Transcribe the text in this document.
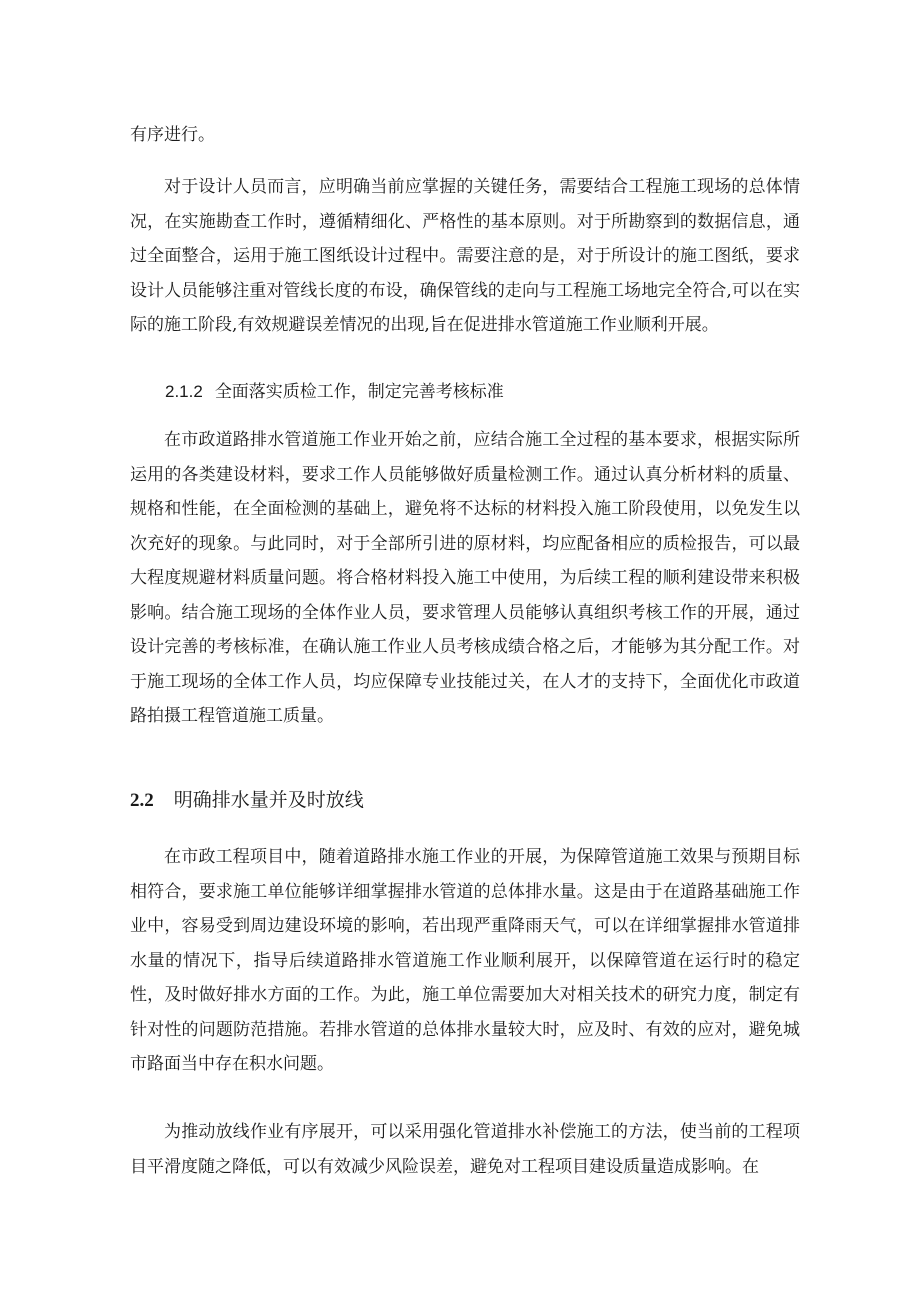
有序进行。

对于设计人员而言，应明确当前应掌握的关键任务，需要结合工程施工现场的总体情况，在实施勘查工作时，遵循精细化、严格性的基本原则。对于所勘察到的数据信息，通过全面整合，运用于施工图纸设计过程中。需要注意的是，对于所设计的施工图纸，要求设计人员能够注重对管线长度的布设，确保管线的走向与工程施工场地完全符合,可以在实际的施工阶段,有效规避误差情况的出现,旨在促进排水管道施工作业顺利开展。

2.1.2 全面落实质检工作，制定完善考核标准

在市政道路排水管道施工作业开始之前，应结合施工全过程的基本要求，根据实际所运用的各类建设材料，要求工作人员能够做好质量检测工作。通过认真分析材料的质量、规格和性能，在全面检测的基础上，避免将不达标的材料投入施工阶段使用，以免发生以次充好的现象。与此同时，对于全部所引进的原材料，均应配备相应的质检报告，可以最大程度规避材料质量问题。将合格材料投入施工中使用，为后续工程的顺利建设带来积极影响。结合施工现场的全体作业人员，要求管理人员能够认真组织考核工作的开展，通过设计完善的考核标准，在确认施工作业人员考核成绩合格之后，才能够为其分配工作。对于施工现场的全体工作人员，均应保障专业技能过关，在人才的支持下，全面优化市政道路拍摄工程管道施工质量。

2.2 明确排水量并及时放线

在市政工程项目中，随着道路排水施工作业的开展，为保障管道施工效果与预期目标相符合，要求施工单位能够详细掌握排水管道的总体排水量。这是由于在道路基础施工作业中，容易受到周边建设环境的影响，若出现严重降雨天气，可以在详细掌握排水管道排水量的情况下，指导后续道路排水管道施工作业顺利展开，以保障管道在运行时的稳定性，及时做好排水方面的工作。为此，施工单位需要加大对相关技术的研究力度，制定有针对性的问题防范措施。若排水管道的总体排水量较大时，应及时、有效的应对，避免城市路面当中存在积水问题。

为推动放线作业有序展开，可以采用强化管道排水补偿施工的方法，使当前的工程项目平滑度随之降低，可以有效减少风险误差，避免对工程项目建设质量造成影响。在
